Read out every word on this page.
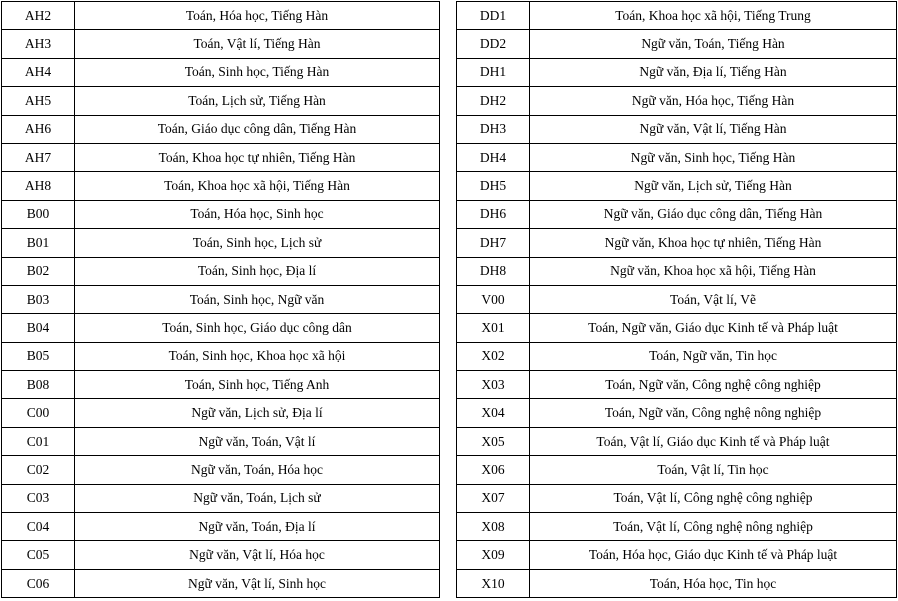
AH2	Toán, Hóa học, Tiếng Hàn
AH3	Toán, Vật lí, Tiếng Hàn
AH4	Toán, Sinh học, Tiếng Hàn
AH5	Toán, Lịch sử, Tiếng Hàn
AH6	Toán, Giáo dục công dân, Tiếng Hàn
AH7	Toán, Khoa học tự nhiên, Tiếng Hàn
AH8	Toán, Khoa học xã hội, Tiếng Hàn
B00	Toán, Hóa học, Sinh học
B01	Toán, Sinh học, Lịch sử
B02	Toán, Sinh học, Địa lí
B03	Toán, Sinh học, Ngữ văn
B04	Toán, Sinh học, Giáo dục công dân
B05	Toán, Sinh học, Khoa học xã hội
B08	Toán, Sinh học, Tiếng Anh
C00	Ngữ văn, Lịch sử, Địa lí
C01	Ngữ văn, Toán, Vật lí
C02	Ngữ văn, Toán, Hóa học
C03	Ngữ văn, Toán, Lịch sử
C04	Ngữ văn, Toán, Địa lí
C05	Ngữ văn, Vật lí, Hóa học
C06	Ngữ văn, Vật lí, Sinh học
DD1	Toán, Khoa học xã hội, Tiếng Trung
DD2	Ngữ văn, Toán, Tiếng Hàn
DH1	Ngữ văn, Địa lí, Tiếng Hàn
DH2	Ngữ văn, Hóa học, Tiếng Hàn
DH3	Ngữ văn, Vật lí, Tiếng Hàn
DH4	Ngữ văn, Sinh học, Tiếng Hàn
DH5	Ngữ văn, Lịch sử, Tiếng Hàn
DH6	Ngữ văn, Giáo dục công dân, Tiếng Hàn
DH7	Ngữ văn, Khoa học tự nhiên, Tiếng Hàn
DH8	Ngữ văn, Khoa học xã hội, Tiếng Hàn
V00	Toán, Vật lí, Vẽ
X01	Toán, Ngữ văn, Giáo dục Kinh tế và Pháp luật
X02	Toán, Ngữ văn, Tin học
X03	Toán, Ngữ văn, Công nghệ công nghiệp
X04	Toán, Ngữ văn, Công nghệ nông nghiệp
X05	Toán, Vật lí, Giáo dục Kinh tế và Pháp luật
X06	Toán, Vật lí, Tin học
X07	Toán, Vật lí, Công nghệ công nghiệp
X08	Toán, Vật lí, Công nghệ nông nghiệp
X09	Toán, Hóa học, Giáo dục Kinh tế và Pháp luật
X10	Toán, Hóa học, Tin học
